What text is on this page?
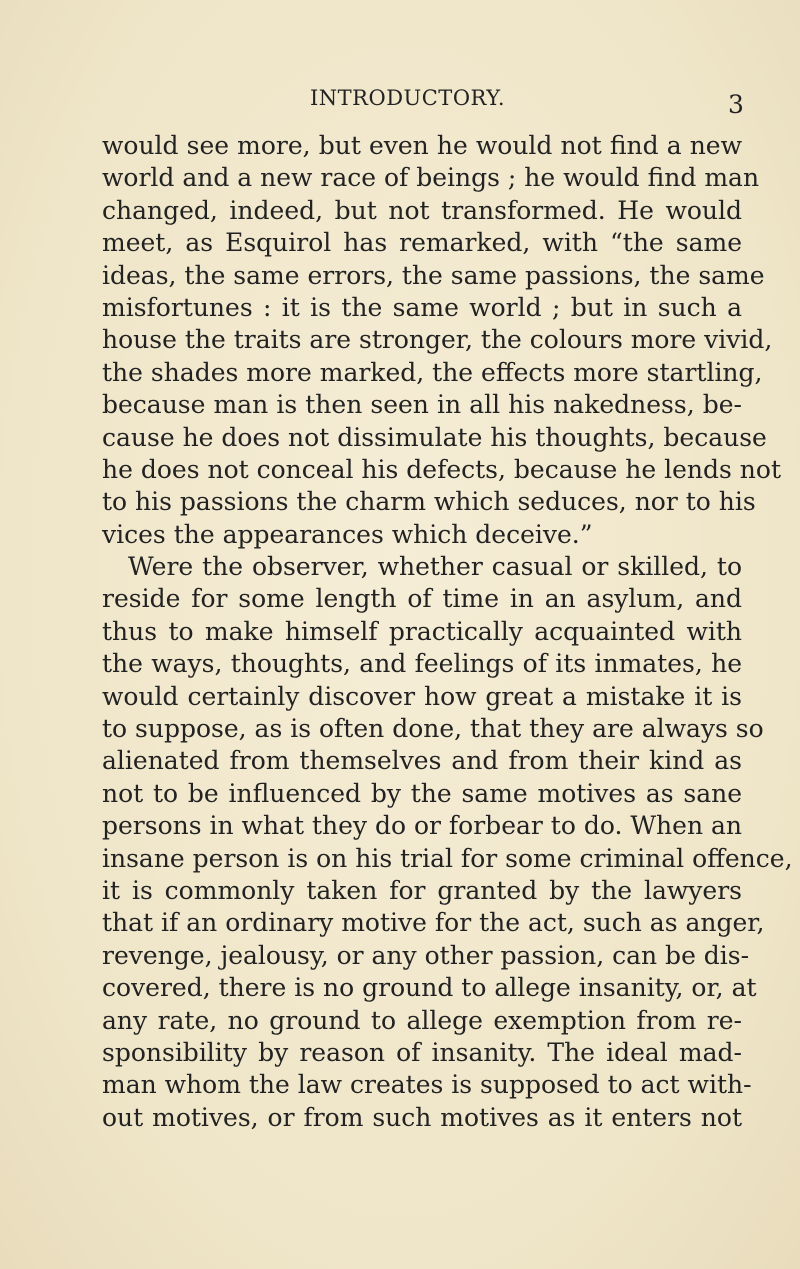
INTRODUCTORY.	3
would see more, but even he would not find a new
world and a new race of beings ; he would find man
changed, indeed, but not transformed. He would
meet, as Esquirol has remarked, with “the same
ideas, the same errors, the same passions, the same
misfortunes : it is the same world ; but in such a
house the traits are stronger, the colours more vivid,
the shades more marked, the effects more startling,
because man is then seen in all his nakedness, be-
cause he does not dissimulate his thoughts, because
he does not conceal his defects, because he lends not
to his passions the charm which seduces, nor to his
vices the appearances which deceive.”
Were the observer, whether casual or skilled, to
reside for some length of time in an asylum, and
thus to make himself practically acquainted with
the ways, thoughts, and feelings of its inmates, he
would certainly discover how great a mistake it is
to suppose, as is often done, that they are always so
alienated from themselves and from their kind as
not to be influenced by the same motives as sane
persons in what they do or forbear to do. When an
insane person is on his trial for some criminal offence,
it is commonly taken for granted by the lawyers
that if an ordinary motive for the act, such as anger,
revenge, jealousy, or any other passion, can be dis-
covered, there is no ground to allege insanity, or, at
any rate, no ground to allege exemption from re-
sponsibility by reason of insanity. The ideal mad-
man whom the law creates is supposed to act with-
out motives, or from such motives as it enters not
